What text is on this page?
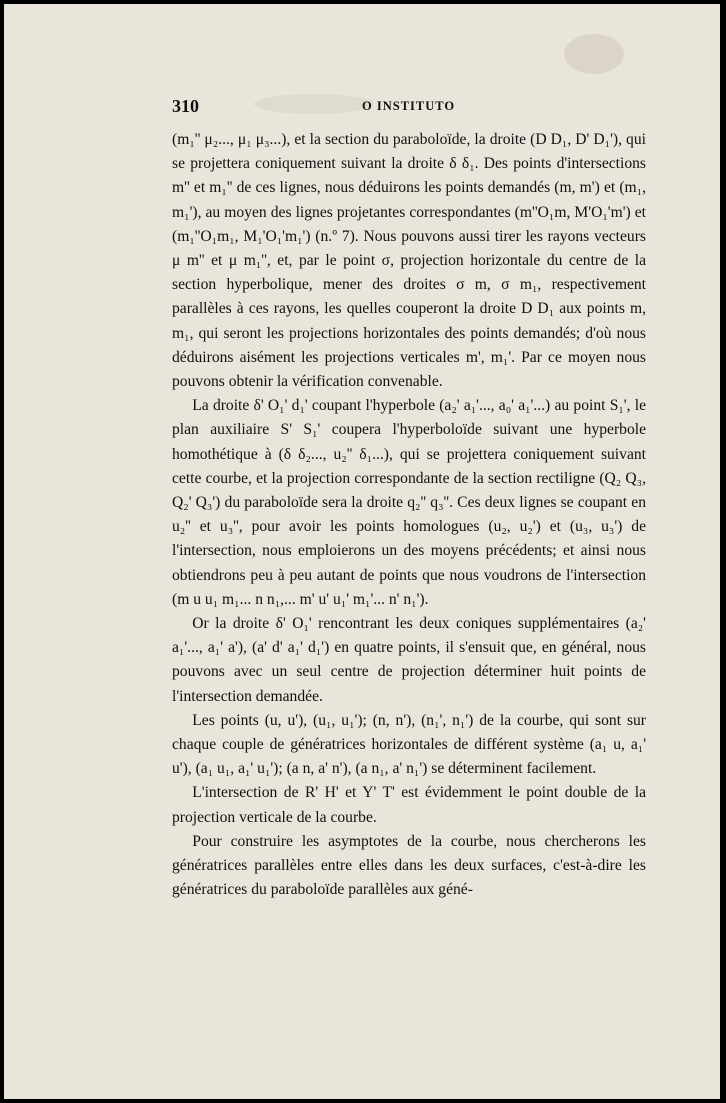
310	O INSTITUTO

(m₁'' μ₂..., μ₁ μ₃...), et la section du paraboloïde, la droite (D D₁, D' D₁'), qui se projettera coniquement suivant la droite δ δ₁. Des points d'intersections m'' et m₁'' de ces lignes, nous déduirons les points demandés (m, m') et (m₁, m₁'), au moyen des lignes projetantes correspondantes (m''O₁m, M'O₁'m') et (m₁''O₁m₁, M₁'O₁'m₁') (n.º 7). Nous pouvons aussi tirer les rayons vecteurs μ m'' et μ m₁'', et, par le point σ, projection horizontale du centre de la section hyperbolique, mener des droites σ m, σ m₁, respectivement parallèles à ces rayons, les quelles couperont la droite D D₁ aux points m, m₁, qui seront les projections horizontales des points demandés; d'où nous déduirons aisément les projections verticales m', m₁'. Par ce moyen nous pouvons obtenir la vérification convenable.

La droite δ' O₁' d₁' coupant l'hyperbole (a₂' a₁'..., a₀' a₁'...) au point S₁', le plan auxiliaire S' S₁' coupera l'hyperboloïde suivant une hyperbole homothétique à (δ δ₂..., u₂'' δ₁...), qui se projettera coniquement suivant cette courbe, et la projection correspondante de la section rectiligne (Q₂ Q₃, Q₂' Q₃') du paraboloïde sera la droite q₂'' q₃''. Ces deux lignes se coupant en u₂'' et u₃'', pour avoir les points homologues (u₂, u₂') et (u₃, u₃') de l'intersection, nous emploierons un des moyens précédents; et ainsi nous obtiendrons peu à peu autant de points que nous voudrons de l'intersection (m u u₁ m₁... n n₁,... m' u' u₁' m₁'... n' n₁').

Or la droite δ' O₁' rencontrant les deux coniques supplémentaires (a₂' a₁'..., a₁' a'), (a' d' a₁' d₁') en quatre points, il s'ensuit que, en général, nous pouvons avec un seul centre de projection déterminer huit points de l'intersection demandée.

Les points (u, u'), (u₁, u₁'); (n, n'), (n₁', n₁') de la courbe, qui sont sur chaque couple de génératrices horizontales de différent système (a₁ u, a₁' u'), (a₁ u₁, a₁' u₁'); (a n, a' n'), (a n₁, a' n₁') se déterminent facilement.

L'intersection de R' H' et Y' T' est évidemment le point double de la projection verticale de la courbe.

Pour construire les asymptotes de la courbe, nous chercherons les génératrices parallèles entre elles dans les deux surfaces, c'est-à-dire les génératrices du paraboloïde parallèles aux géné-
